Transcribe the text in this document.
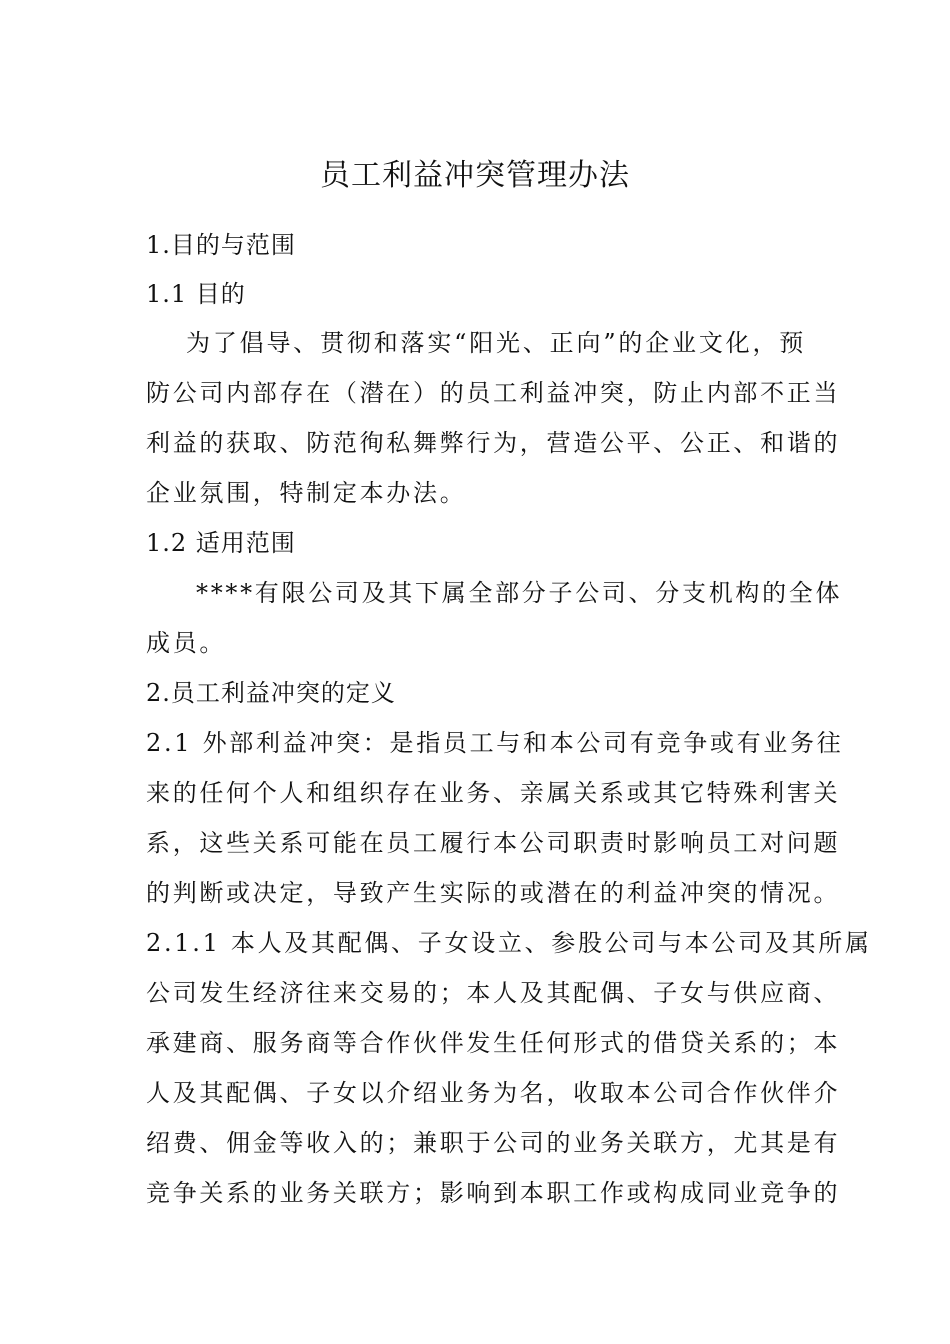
员工利益冲突管理办法
1.目的与范围
1.1 目的
为了倡导、贯彻和落实“阳光、正向”的企业文化，预
防公司内部存在（潜在）的员工利益冲突，防止内部不正当
利益的获取、防范徇私舞弊行为，营造公平、公正、和谐的
企业氛围，特制定本办法。
1.2 适用范围
****有限公司及其下属全部分子公司、分支机构的全体
成员。
2.员工利益冲突的定义
2.1 外部利益冲突：是指员工与和本公司有竞争或有业务往
来的任何个人和组织存在业务、亲属关系或其它特殊利害关
系，这些关系可能在员工履行本公司职责时影响员工对问题
的判断或决定，导致产生实际的或潜在的利益冲突的情况。
2.1.1 本人及其配偶、子女设立、参股公司与本公司及其所属
公司发生经济往来交易的；本人及其配偶、子女与供应商、
承建商、服务商等合作伙伴发生任何形式的借贷关系的；本
人及其配偶、子女以介绍业务为名，收取本公司合作伙伴介
绍费、佣金等收入的；兼职于公司的业务关联方，尤其是有
竞争关系的业务关联方；影响到本职工作或构成同业竞争的
